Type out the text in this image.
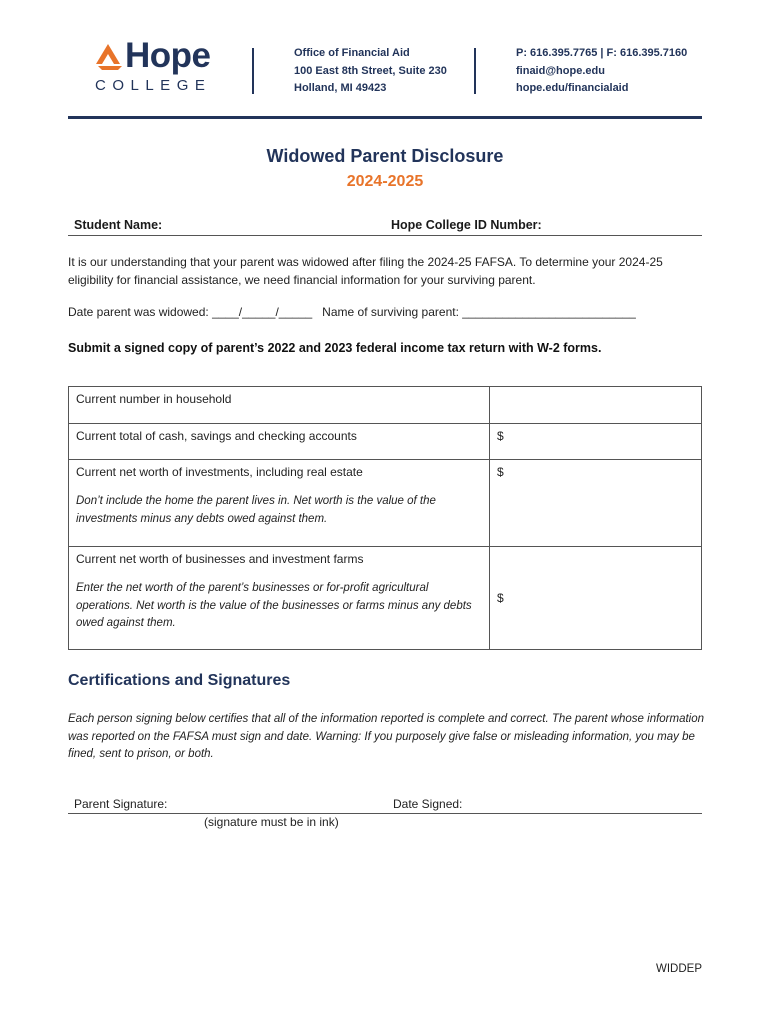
Hope
COLLEGE
Office of Financial Aid
100 East 8th Street, Suite 230
Holland, MI 49423
P: 616.395.7765 | F: 616.395.7160
finaid@hope.edu
hope.edu/financialaid
Widowed Parent Disclosure
2024-2025
Student Name:	Hope College ID Number:
It is our understanding that your parent was widowed after filing the 2024-25 FAFSA. To determine your 2024-25
eligibility for financial assistance, we need financial information for your surviving parent.
Date parent was widowed: ____/_____/_____   Name of surviving parent: __________________________
Submit a signed copy of parent’s 2022 and 2023 federal income tax return with W-2 forms.
Current number in household	
Current total of cash, savings and checking accounts	$

Current net worth of investments, including real estate
Don’t include the home the parent lives in. Net worth is the value of the investments minus any debts owed against them.	$

Current net worth of businesses and investment farms
Enter the net worth of the parent’s businesses or for-profit agricultural operations. Net worth is the value of the businesses or farms minus any debts owed against them.	$
Certifications and Signatures
Each person signing below certifies that all of the information reported is complete and correct. The parent whose information was reported on the FAFSA must sign and date. Warning: If you purposely give false or misleading information, you may be fined, sent to prison, or both.
Parent Signature:	Date Signed:
(signature must be in ink)
WIDDEP
